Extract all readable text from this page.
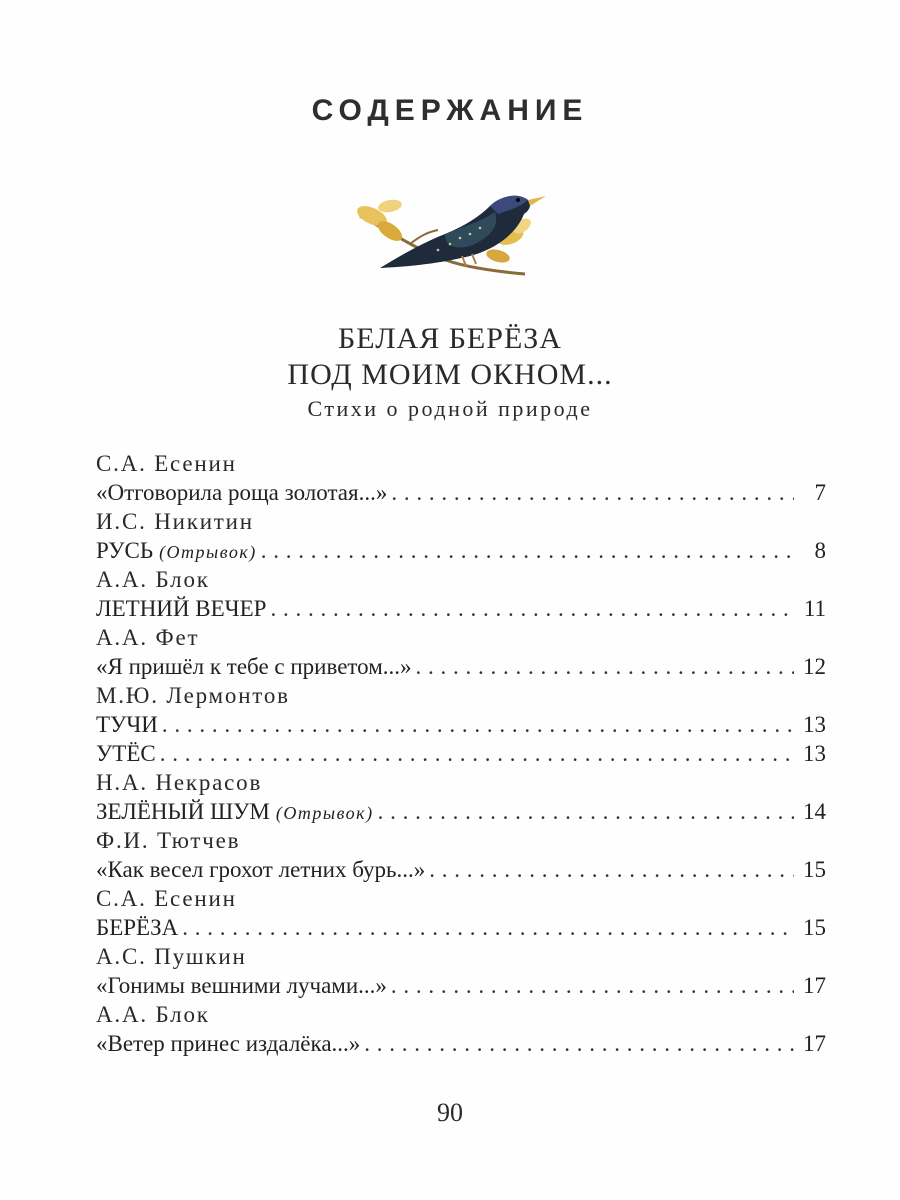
СОДЕРЖАНИЕ
БЕЛАЯ БЕРЁЗА
ПОД МОИМ ОКНОМ...
Стихи о родной природе
С.А. Есенин
«Отговорила роща золотая...» . . .	7
И.С. Никитин
РУСЬ (Отрывок) . . .	8
А.А. Блок
ЛЕТНИЙ ВЕЧЕР . . .	11
А.А. Фет
«Я пришёл к тебе с приветом...» . . .	12
М.Ю. Лермонтов
ТУЧИ . . .	13
УТЁС . . .	13
Н.А. Некрасов
ЗЕЛЁНЫЙ ШУМ (Отрывок) . . .	14
Ф.И. Тютчев
«Как весел грохот летних бурь...» . . .	15
С.А. Есенин
БЕРЁЗА . . .	15
А.С. Пушкин
«Гонимы вешними лучами...» . . .	17
А.А. Блок
«Ветер принес издалёка...» . . .	17
90
